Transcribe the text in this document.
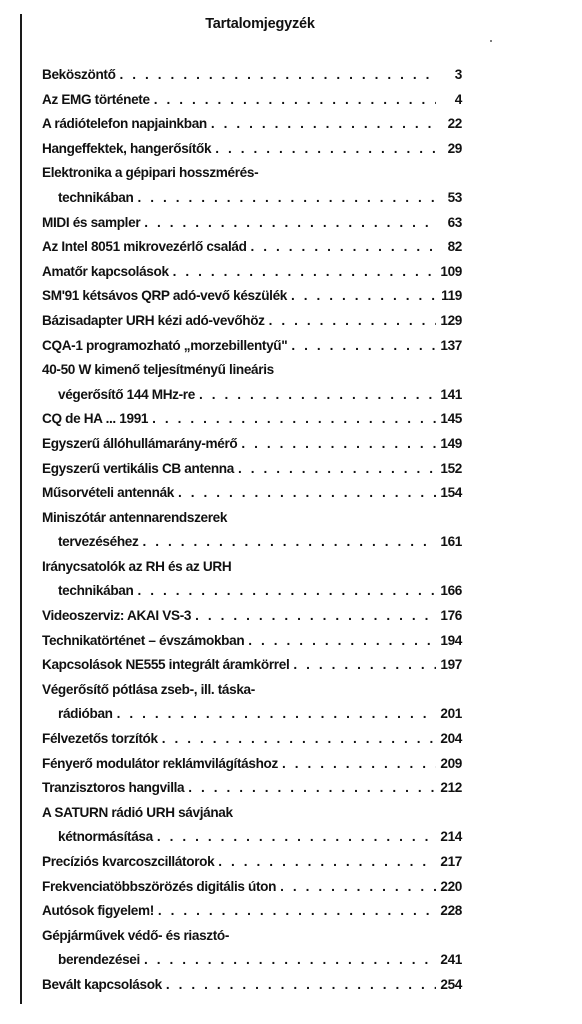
Tartalomjegyzék
Beköszöntő . . .	3
Az EMG története . . .	4
A rádiótelefon napjainkban . . .	22
Hangeffektek, hangerősítők . . .	29
Elektronika a gépipari hosszmérés-
technikában . . .	53
MIDI és sampler . . .	63
Az Intel 8051 mikrovezérlő család . . .	82
Amatőr kapcsolások . . .	109
SM'91 kétsávos QRP adó-vevő készülék . . .	119
Bázisadapter URH kézi adó-vevőhöz . . .	129
CQA-1 programozható „morzebillentyű" . . .	137
40-50 W kimenő teljesítményű lineáris
végerősítő 144 MHz-re . . .	141
CQ de HA ... 1991 . . .	145
Egyszerű állóhullámarány-mérő . . .	149
Egyszerű vertikális CB antenna . . .	152
Műsorvételi antennák . . .	154
Miniszótár antennarendszerek
tervezéséhez . . .	161
Iránycsatolók az RH és az URH
technikában . . .	166
Videoszerviz: AKAI VS-3 . . .	176
Technikatörténet – évszámokban . . .	194
Kapcsolások NE555 integrált áramkörrel . . .	197
Végerősítő pótlása zseb-, ill. táska-
rádióban . . .	201
Félvezetős torzítók . . .	204
Fényerő modulátor reklámvilágításhoz . . .	209
Tranzisztoros hangvilla . . .	212
A SATURN rádió URH sávjának
kétnormásítása . . .	214
Precíziós kvarcoszcillátorok . . .	217
Frekvenciatöbbszörözés digitális úton . . .	220
Autósok figyelem! . . .	228
Gépjárművek védő- és riasztó-
berendezései . . .	241
Bevált kapcsolások . . .	254
